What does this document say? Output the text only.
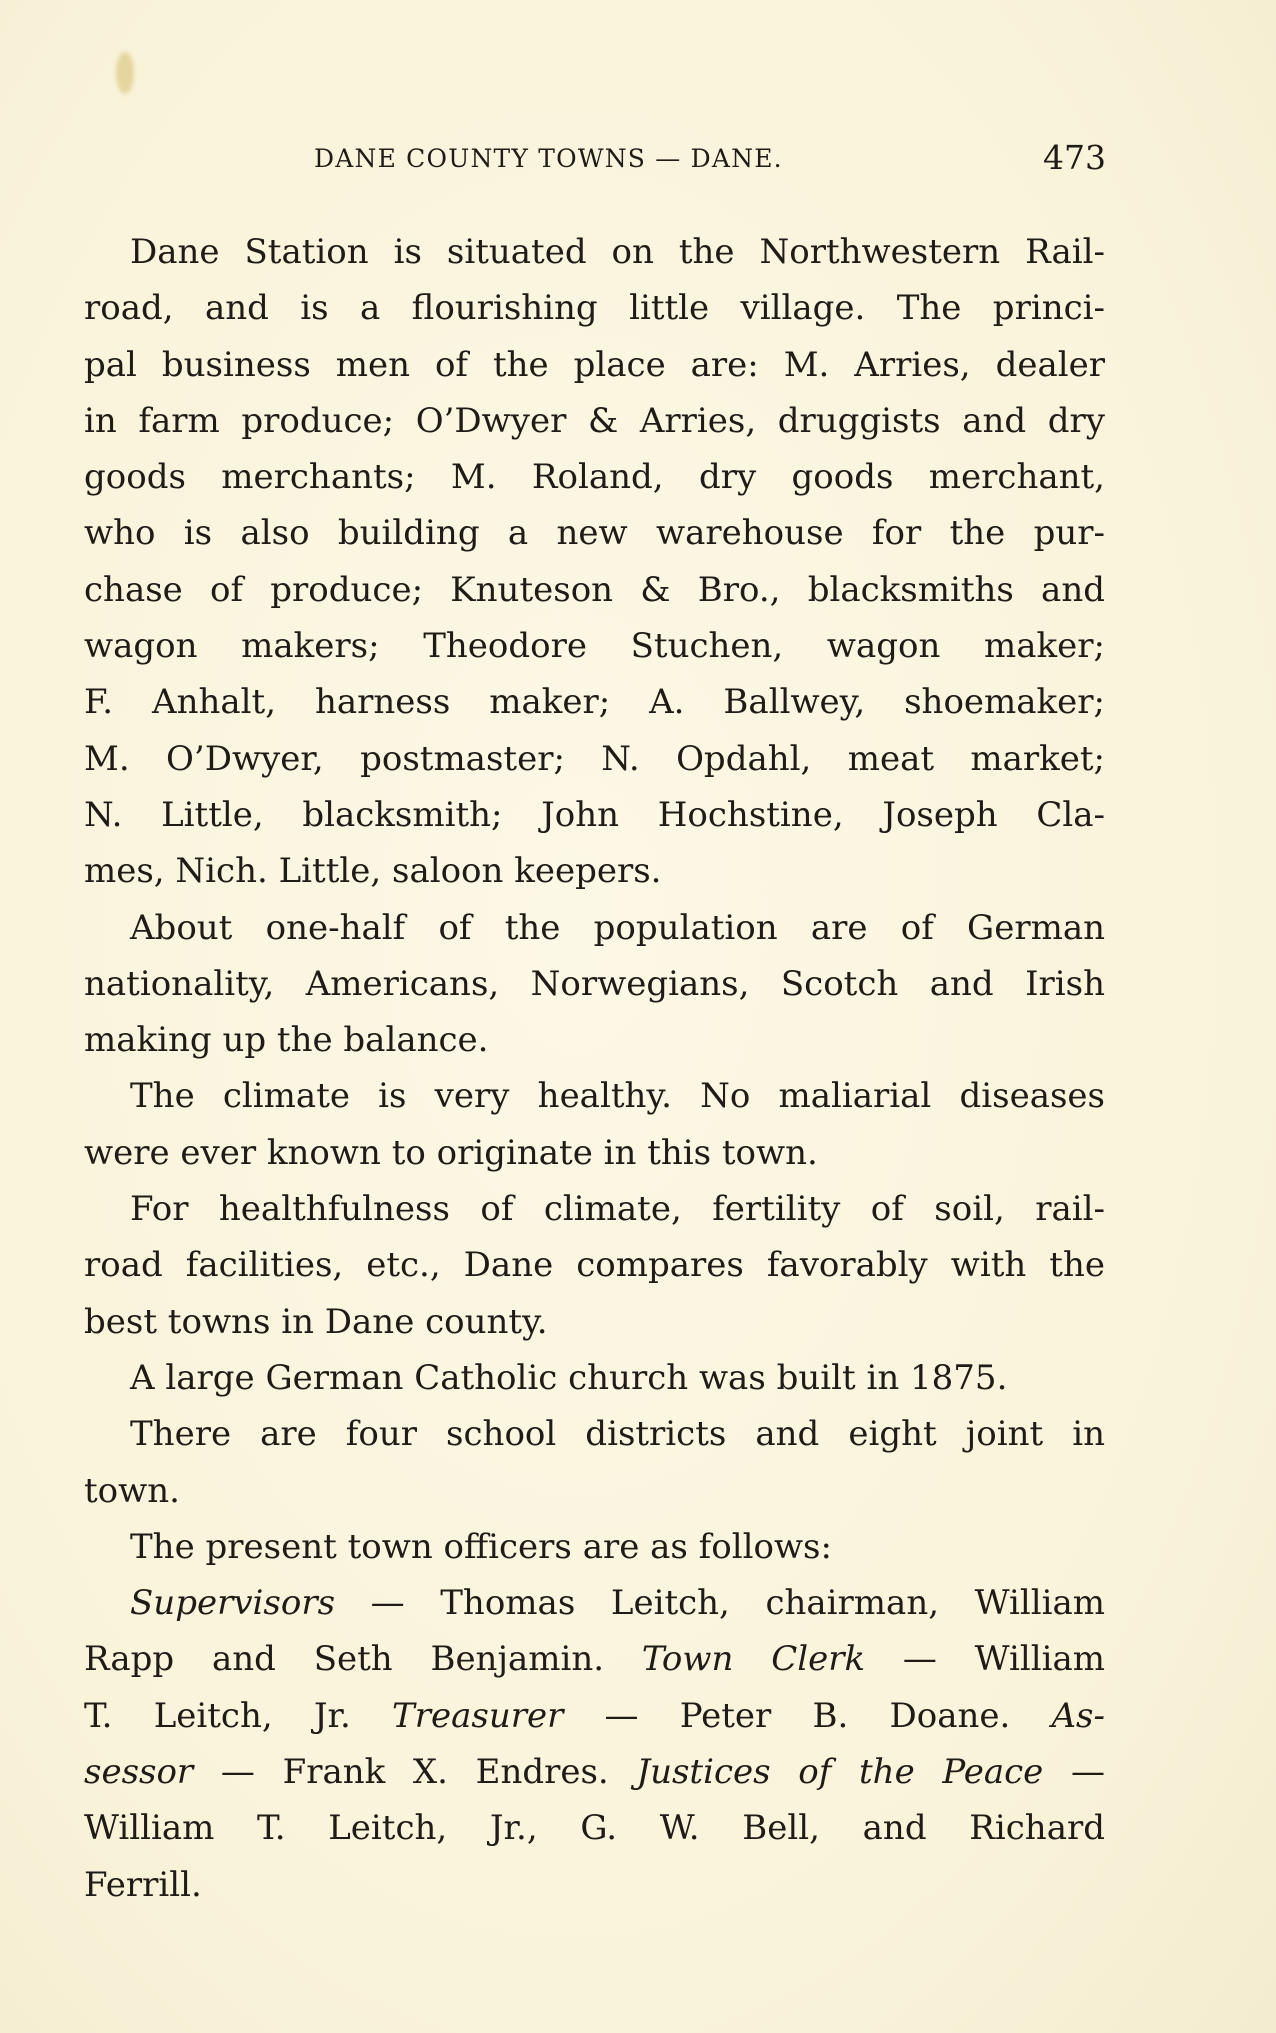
DANE COUNTY TOWNS — DANE.	473
Dane Station is situated on the Northwestern Rail-
road, and is a flourishing little village. The princi-
pal business men of the place are: M. Arries, dealer
in farm produce; O’Dwyer & Arries, druggists and dry
goods merchants; M. Roland, dry goods merchant,
who is also building a new warehouse for the pur-
chase of produce; Knuteson & Bro., blacksmiths and
wagon makers; Theodore Stuchen, wagon maker;
F. Anhalt, harness maker; A. Ballwey, shoemaker;
M. O’Dwyer, postmaster; N. Opdahl, meat market;
N. Little, blacksmith; John Hochstine, Joseph Cla-
mes, Nich. Little, saloon keepers.
About one-half of the population are of German
nationality, Americans, Norwegians, Scotch and Irish
making up the balance.
The climate is very healthy. No maliarial diseases
were ever known to originate in this town.
For healthfulness of climate, fertility of soil, rail-
road facilities, etc., Dane compares favorably with the
best towns in Dane county.
A large German Catholic church was built in 1875.
There are four school districts and eight joint in
town.
The present town officers are as follows:
Supervisors — Thomas Leitch, chairman, William
Rapp and Seth Benjamin. Town Clerk — William
T. Leitch, Jr. Treasurer — Peter B. Doane. As-
sessor — Frank X. Endres. Justices of the Peace —
William T. Leitch, Jr., G. W. Bell, and Richard
Ferrill.
